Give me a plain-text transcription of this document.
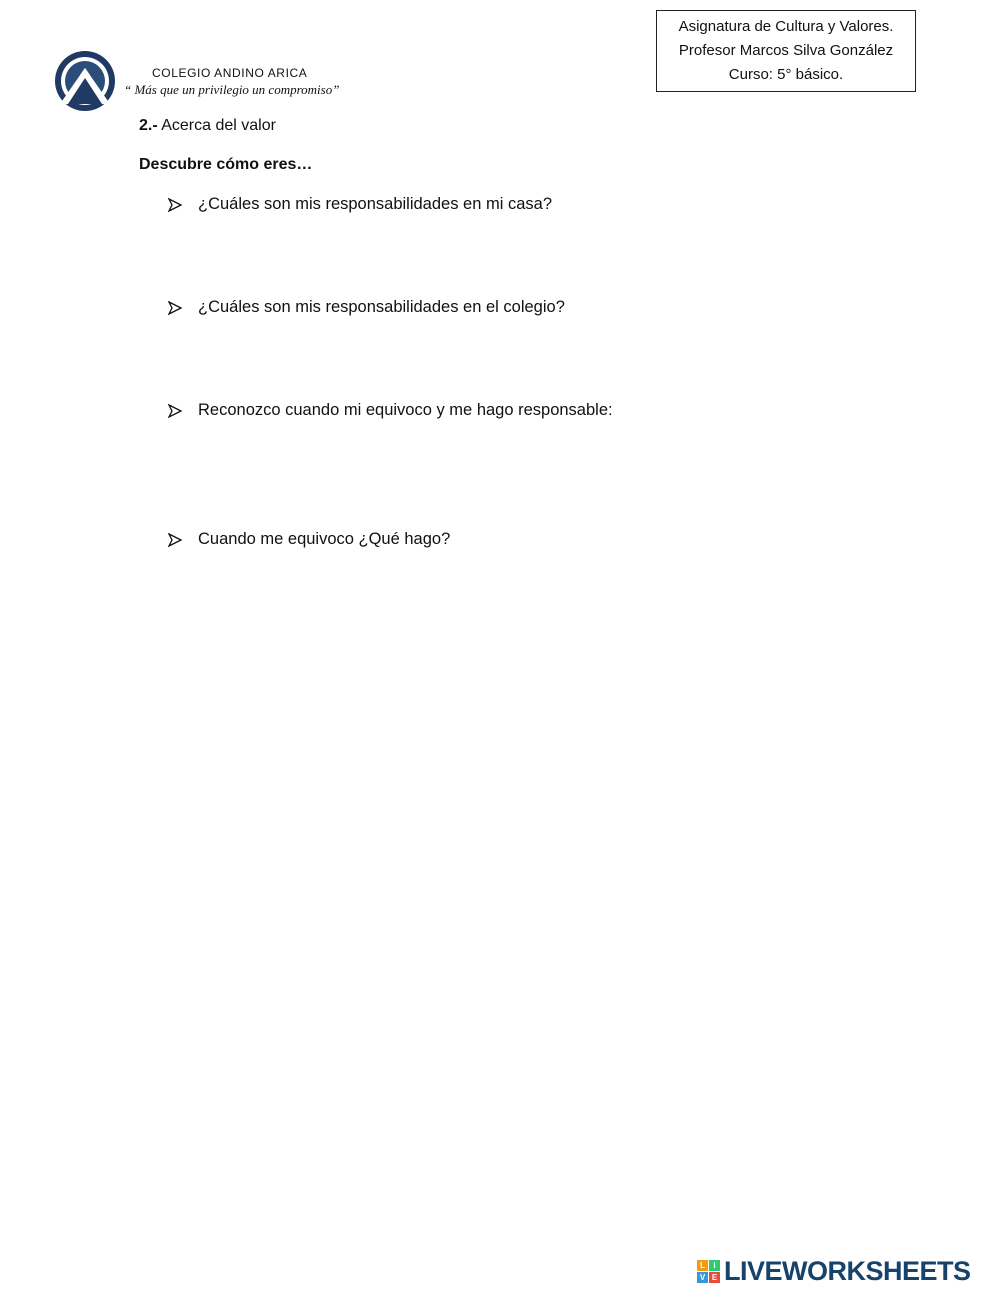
Asignatura de Cultura y Valores.
Profesor Marcos Silva González
Curso: 5° básico.
COLEGIO ANDINO ARICA
“ Más que un privilegio un compromiso”
2.- Acerca del valor
Descubre cómo eres…
¿Cuáles son mis responsabilidades en mi casa?
¿Cuáles son mis responsabilidades en el colegio?
Reconozco cuando mi equivoco y me hago responsable:
Cuando me equivoco ¿Qué hago?
L	I
V E LIVEWORKSHEETS
